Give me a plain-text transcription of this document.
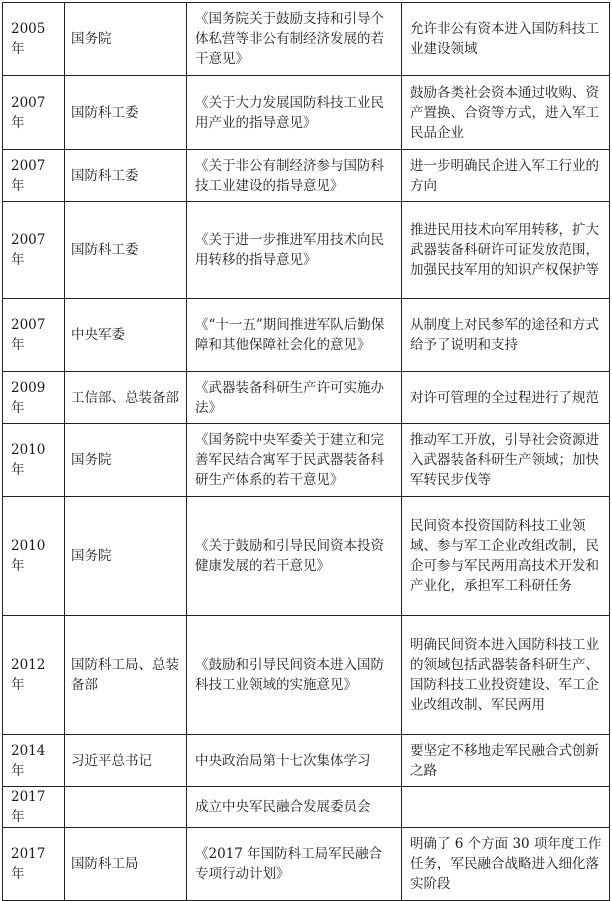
2005 年	国务院	《国务院关于鼓励支持和引导个体私营等非公有制经济发展的若干意见》	允许非公有资本进入国防科技工业建设领域
2007 年	国防科工委	《关于大力发展国防科技工业民用产业的指导意见》	鼓励各类社会资本通过收购、资产置换、合资等方式，进入军工民品企业
2007 年	国防科工委	《关于非公有制经济参与国防科技工业建设的指导意见》	进一步明确民企进入军工行业的方向
2007 年	国防科工委	《关于进一步推进军用技术向民用转移的指导意见》	推进民用技术向军用转移，扩大武器装备科研许可证发放范围，加强民技军用的知识产权保护等
2007 年	中央军委	《“十一五”期间推进军队后勤保障和其他保障社会化的意见》	从制度上对民参军的途径和方式给予了说明和支持
2009 年	工信部、总装备部	《武器装备科研生产许可实施办法》	对许可管理的全过程进行了规范
2010 年	国务院	《国务院中央军委关于建立和完善军民结合寓军于民武器装备科研生产体系的若干意见》	推动军工开放，引导社会资源进入武器装备科研生产领域；加快军转民步伐等
2010 年	国务院	《关于鼓励和引导民间资本投资健康发展的若干意见》	民间资本投资国防科技工业领域、参与军工企业改组改制，民企可参与军民两用高技术开发和产业化，承担军工科研任务
2012 年	国防科工局、总装备部	《鼓励和引导民间资本进入国防科技工业领域的实施意见》	明确民间资本进入国防科技工业的领域包括武器装备科研生产、国防科技工业投资建设、军工企业改组改制、军民两用
2014 年	习近平总书记	中央政治局第十七次集体学习	要坚定不移地走军民融合式创新之路
2017 年		成立中央军民融合发展委员会	
2017 年	国防科工局	《2017 年国防科工局军民融合专项行动计划》	明确了 6 个方面 30 项年度工作任务，军民融合战略进入细化落实阶段
